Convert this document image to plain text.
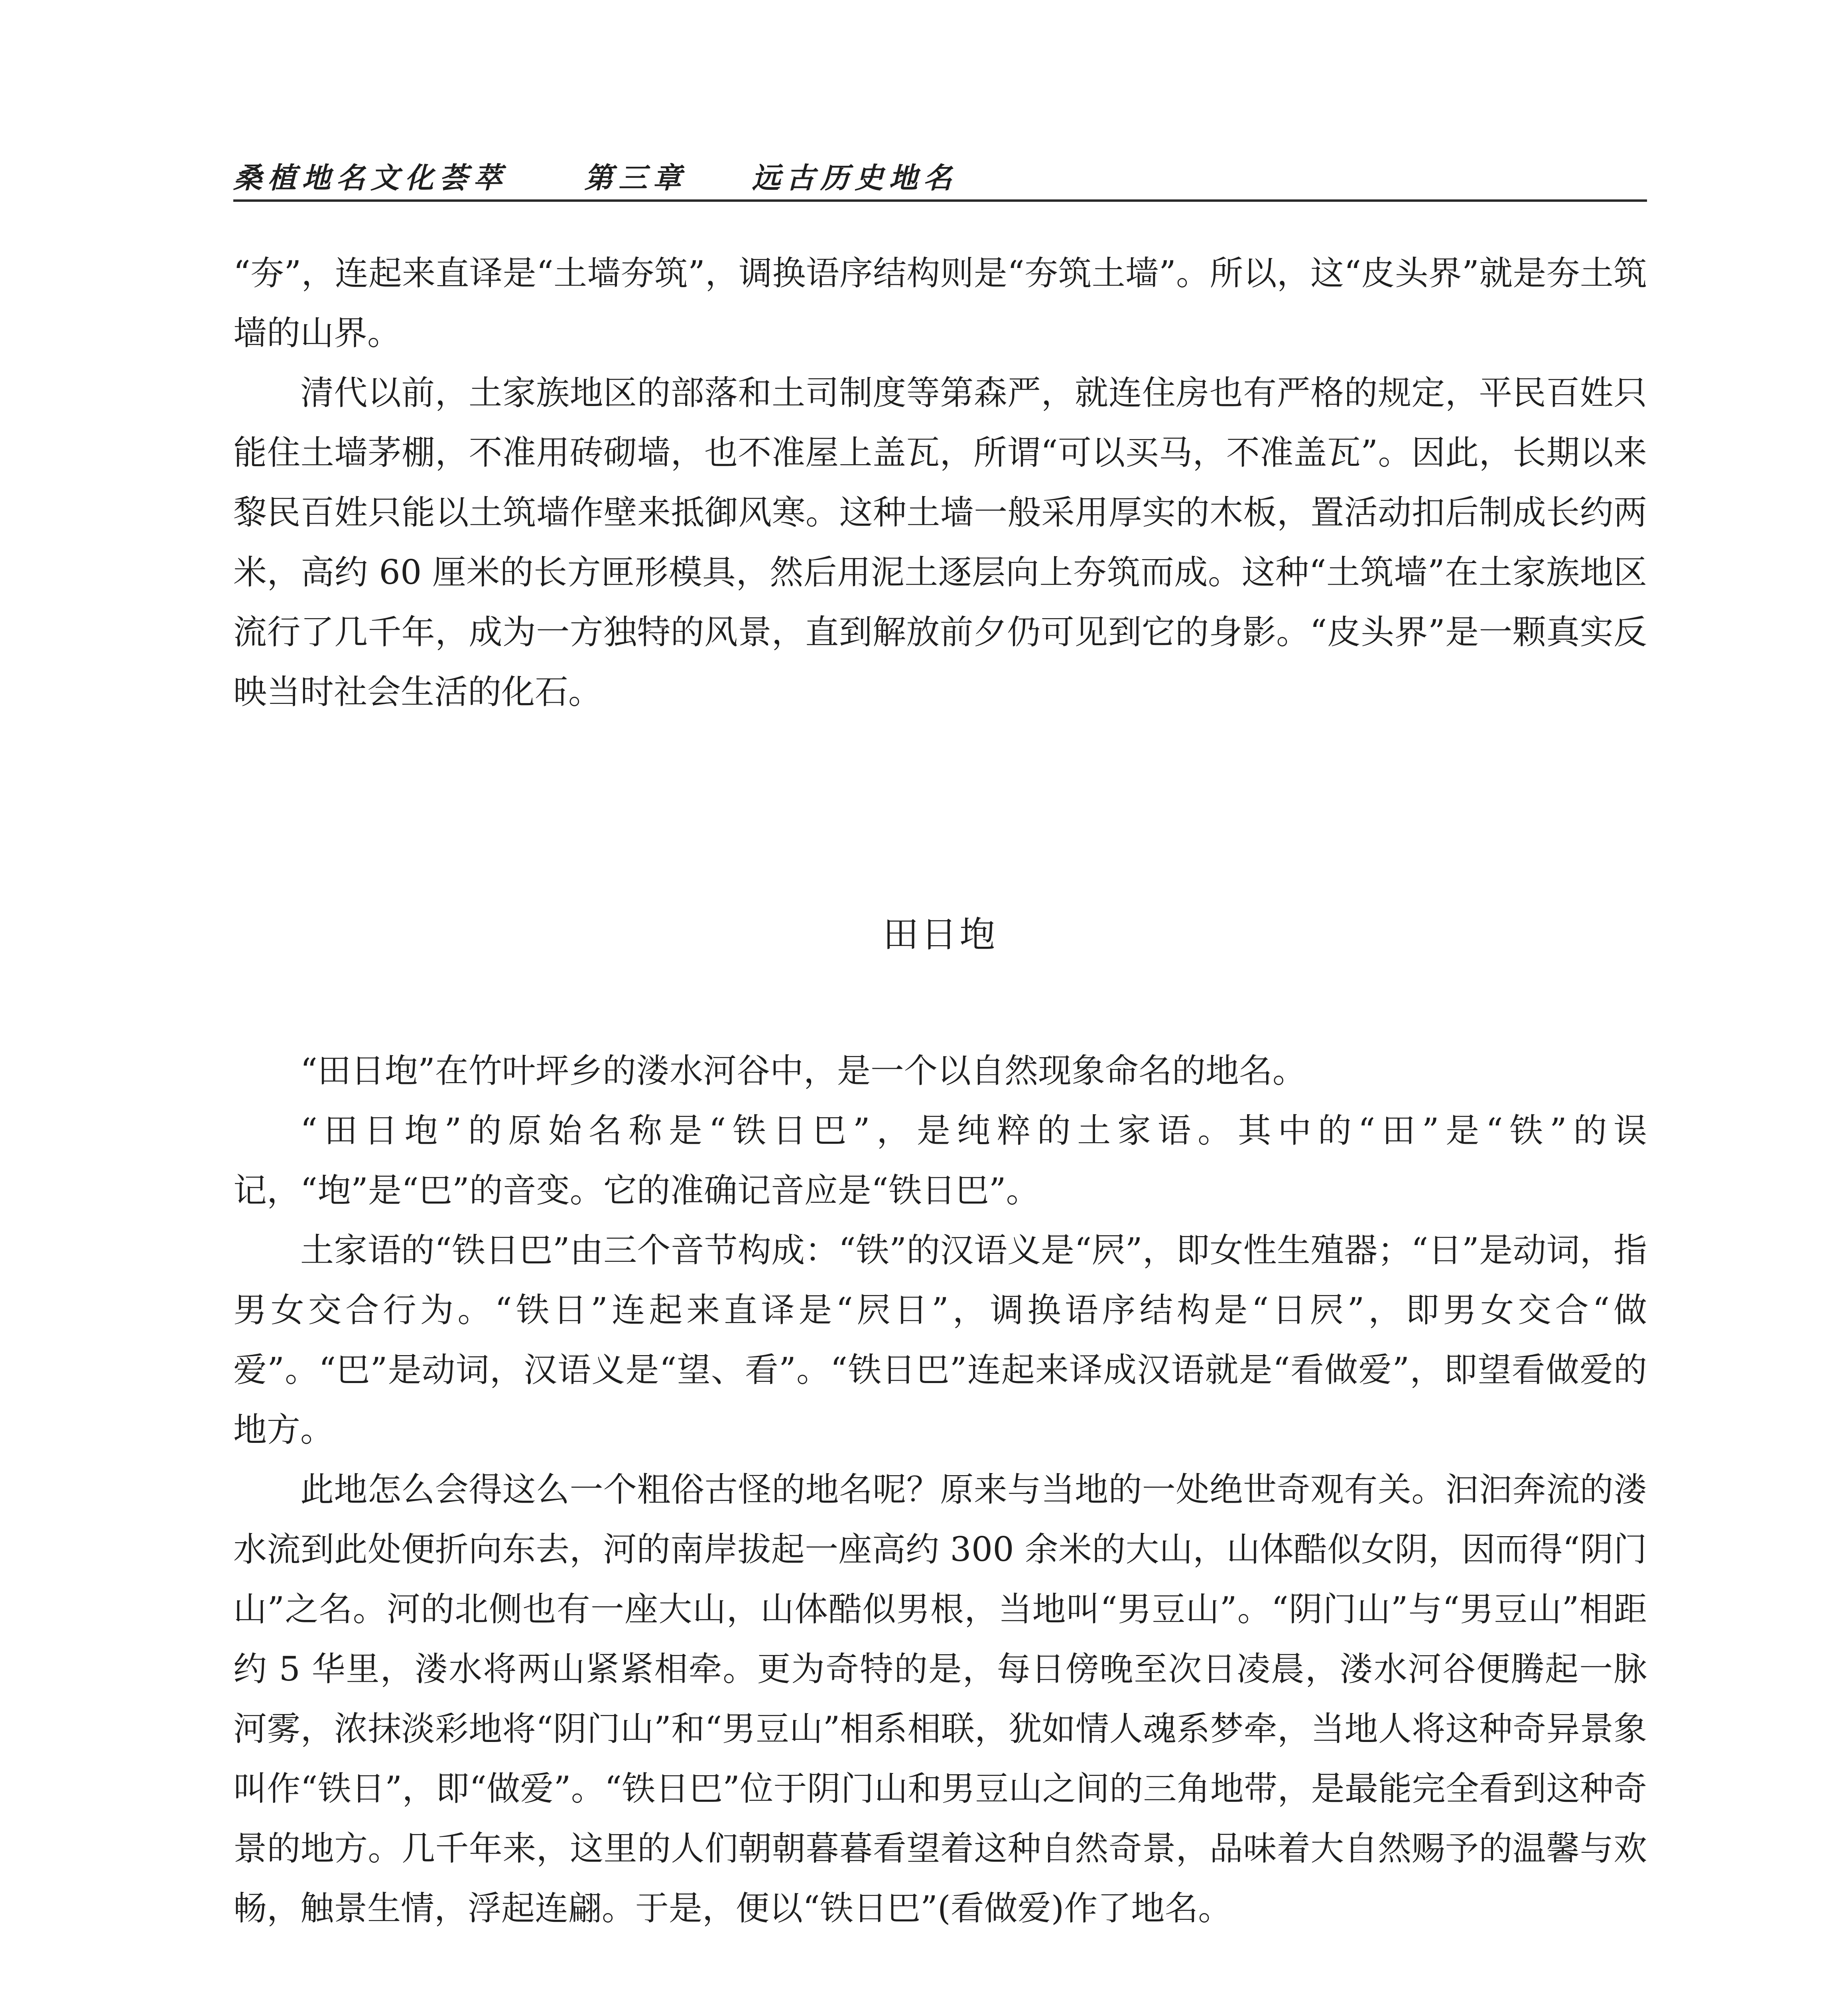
桑植地名文化荟萃	第三章 远古历史地名

“夯”，连起来直译是“土墙夯筑”，调换语序结构则是“夯筑土墙”。所以，这“皮头界”就是夯土筑墙的山界。

清代以前，土家族地区的部落和土司制度等第森严，就连住房也有严格的规定，平民百姓只能住土墙茅棚，不准用砖砌墙，也不准屋上盖瓦，所谓“可以买马，不准盖瓦”。因此，长期以来黎民百姓只能以土筑墙作壁来抵御风寒。这种土墙一般采用厚实的木板，置活动扣后制成长约两米，高约 60 厘米的长方匣形模具，然后用泥土逐层向上夯筑而成。这种“土筑墙”在土家族地区流行了几千年，成为一方独特的风景，直到解放前夕仍可见到它的身影。“皮头界”是一颗真实反映当时社会生活的化石。

田日垉

“田日垉”在竹叶坪乡的溇水河谷中，是一个以自然现象命名的地名。

“田日垉”的原始名称是“铁日巴”，是纯粹的土家语。其中的“田”是“铁”的误记，“垉”是“巴”的音变。它的准确记音应是“铁日巴”。

土家语的“铁日巴”由三个音节构成：“铁”的汉语义是“屄”，即女性生殖器；“日”是动词，指男女交合行为。“铁日”连起来直译是“屄日”，调换语序结构是“日屄”，即男女交合“做爱”。“巴”是动词，汉语义是“望、看”。“铁日巴”连起来译成汉语就是“看做爱”，即望看做爱的地方。

此地怎么会得这么一个粗俗古怪的地名呢？原来与当地的一处绝世奇观有关。汩汩奔流的溇水流到此处便折向东去，河的南岸拔起一座高约 300 余米的大山，山体酷似女阴，因而得“阴门山”之名。河的北侧也有一座大山，山体酷似男根，当地叫“男豆山”。“阴门山”与“男豆山”相距约 5 华里，溇水将两山紧紧相牵。更为奇特的是，每日傍晚至次日凌晨，溇水河谷便腾起一脉河雾，浓抹淡彩地将“阴门山”和“男豆山”相系相联，犹如情人魂系梦牵，当地人将这种奇异景象叫作“铁日”，即“做爱”。“铁日巴”位于阴门山和男豆山之间的三角地带，是最能完全看到这种奇景的地方。几千年来，这里的人们朝朝暮暮看望着这种自然奇景，品味着大自然赐予的温馨与欢畅，触景生情，浮起连翩。于是，便以“铁日巴”(看做爱)作了地名。
